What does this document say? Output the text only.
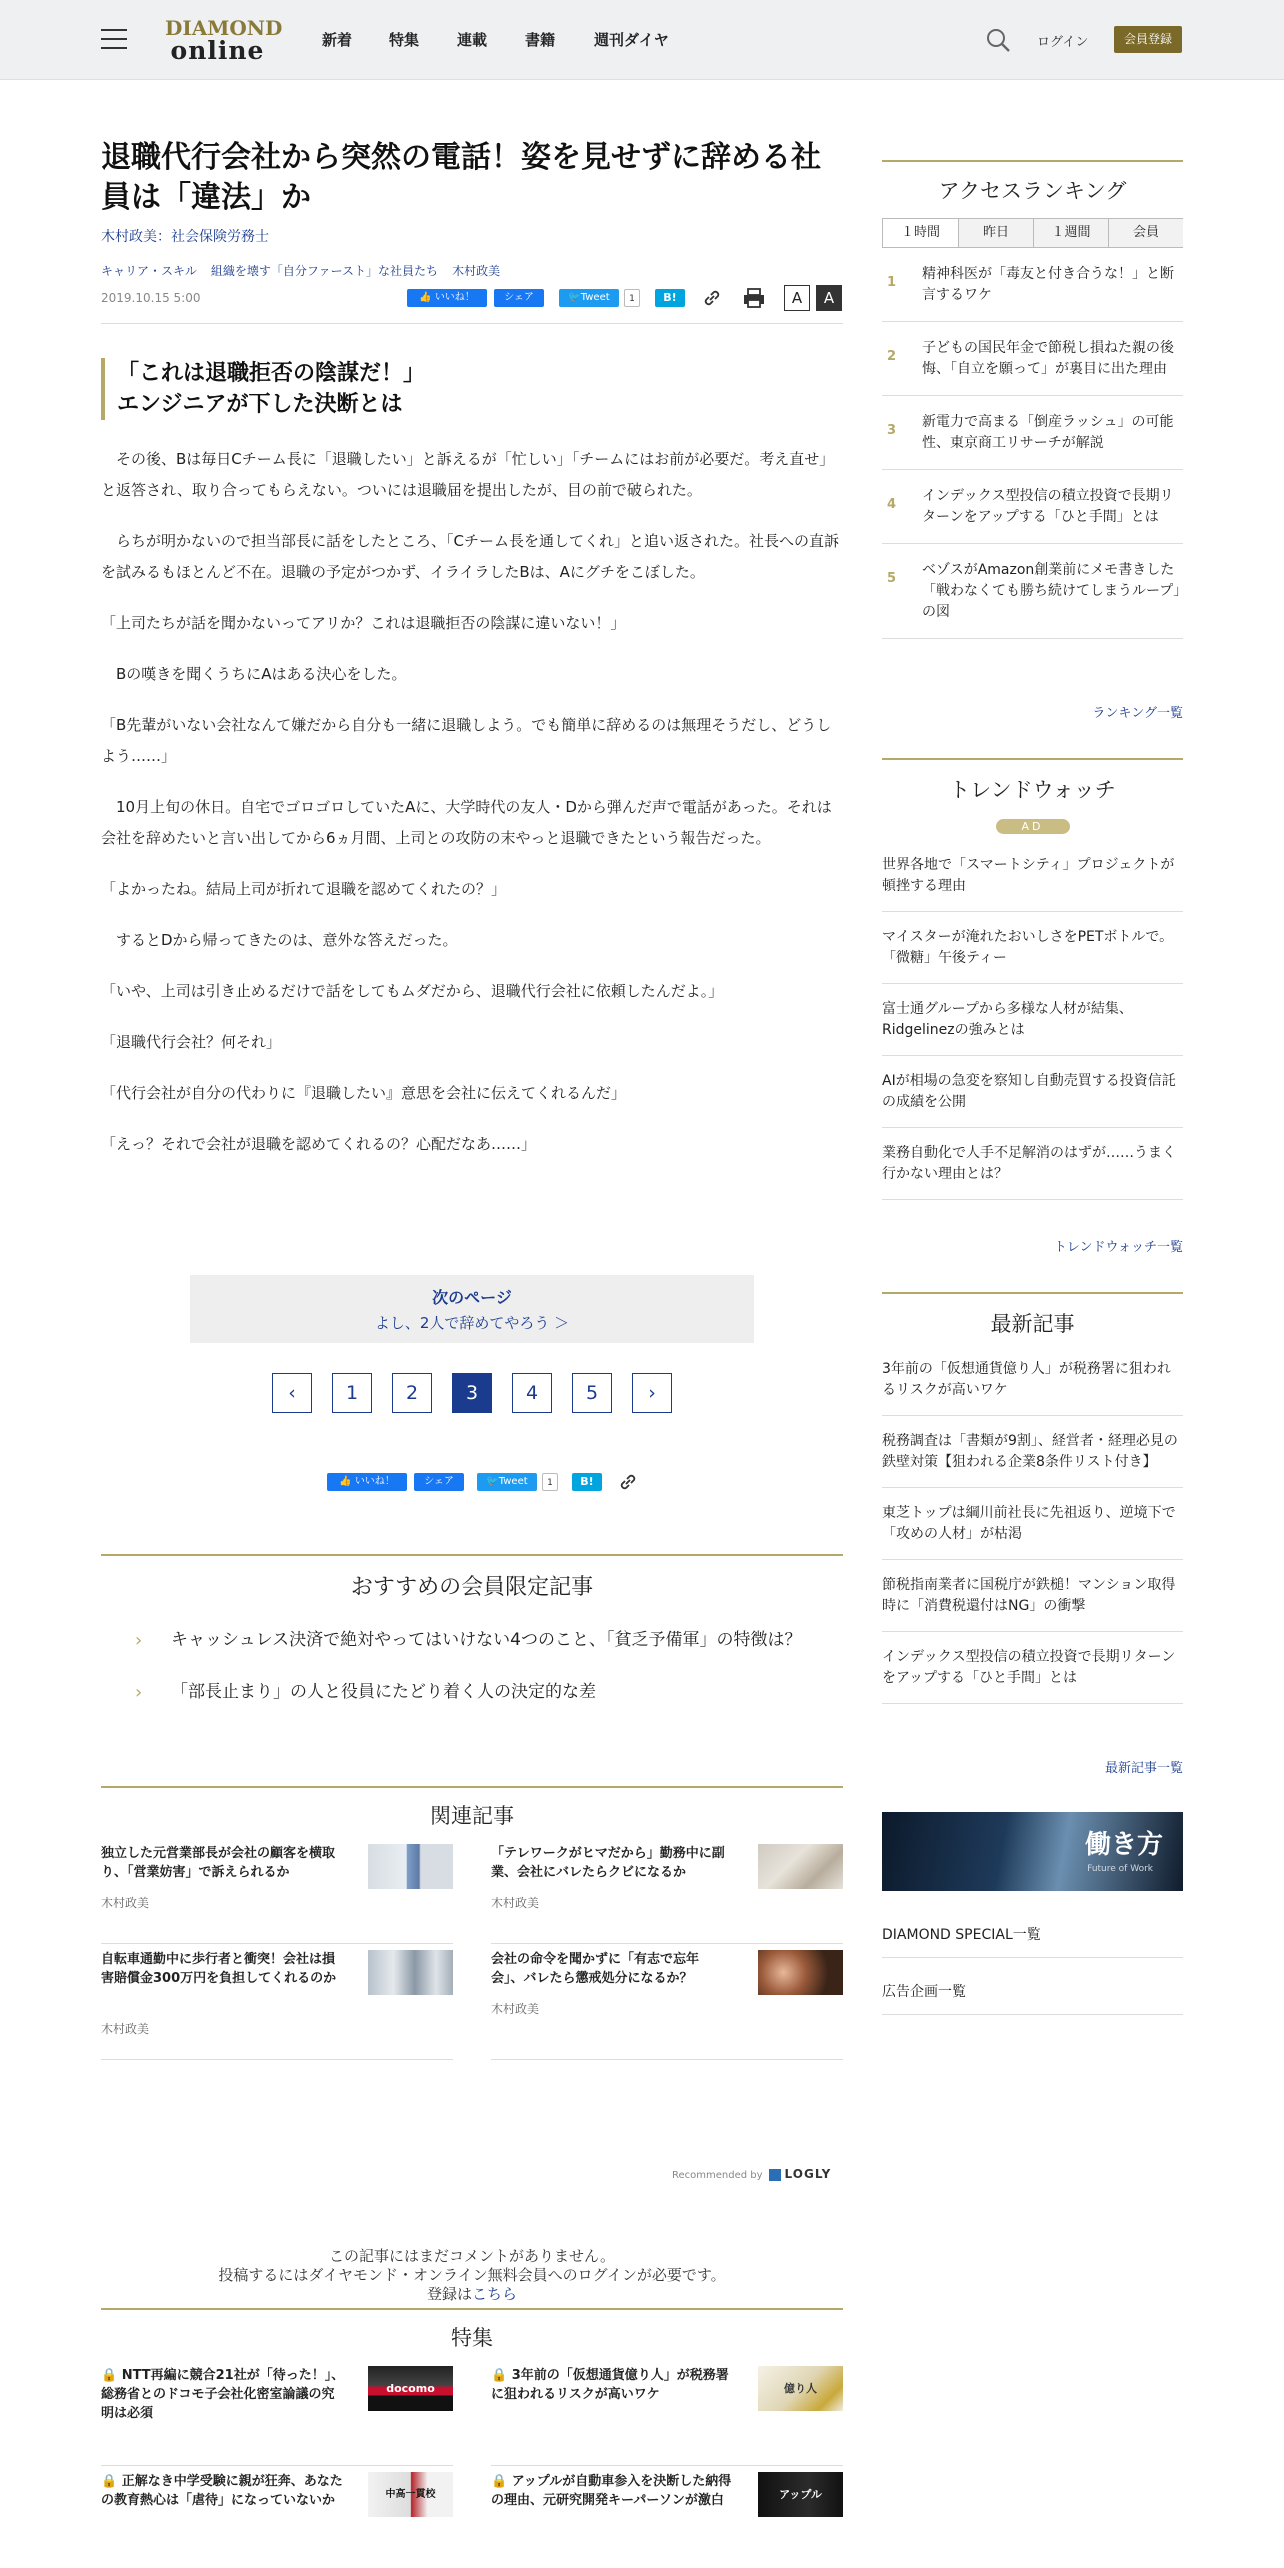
DIAMOND
online	新着 特集	連載	書籍	週刊ダイヤ	ログイン	会員登録
退職代行会社から突然の電話！姿を見せずに辞める社員は「違法」か
木村政美：社会保険労務士
キャリア・スキル 組織を壊す「自分ファースト」な社員たち 木村政美
2019.10.15 5:00	👍 いいね！	シェア	🐦Tweet	1	B!	A	A
「これは退職拒否の陰謀だ！」
エンジニアが下した決断とは

　その後、Bは毎日Cチーム長に「退職したい」と訴えるが「忙しい」「チームにはお前が必要だ。考え直せ」と返答され、取り合ってもらえない。ついには退職届を提出したが、目の前で破られた。

　らちが明かないので担当部長に話をしたところ、「Cチーム長を通してくれ」と追い返された。社長への直訴を試みるもほとんど不在。退職の予定がつかず、イライラしたBは、Aにグチをこぼした。

「上司たちが話を聞かないってアリか？これは退職拒否の陰謀に違いない！」

　Bの嘆きを聞くうちにAはある決心をした。

「B先輩がいない会社なんて嫌だから自分も一緒に退職しよう。でも簡単に辞めるのは無理そうだし、どうしよう……」

　10月上旬の休日。自宅でゴロゴロしていたAに、大学時代の友人・Dから弾んだ声で電話があった。それは会社を辞めたいと言い出してから6ヵ月間、上司との攻防の末やっと退職できたという報告だった。

「よかったね。結局上司が折れて退職を認めてくれたの？」

　するとDから帰ってきたのは、意外な答えだった。

「いや、上司は引き止めるだけで話をしてもムダだから、退職代行会社に依頼したんだよ。」

「退職代行会社？何それ」

「代行会社が自分の代わりに『退職したい』意思を会社に伝えてくれるんだ」

「えっ？それで会社が退職を認めてくれるの？心配だなあ……」

次のページ
よし、2人で辞めてやろう ＞
‹	1	2	3	4	5	›
👍 いいね！	シェア	🐦Tweet	1	B!
おすすめの会員限定記事
› キャッシュレス決済で絶対やってはいけない4つのこと、「貧乏予備軍」の特徴は？
› 「部長止まり」の人と役員にたどり着く人の決定的な差
関連記事
独立した元営業部長が会社の顧客を横取り、「営業妨害」で訴えられるか
木村政美
「テレワークがヒマだから」勤務中に副業、会社にバレたらクビになるか
木村政美
自転車通勤中に歩行者と衝突！会社は損害賠償金300万円を負担してくれるのか
木村政美
会社の命令を聞かずに「有志で忘年会」、バレたら懲戒処分になるか？
木村政美
Recommended by LOGLY
この記事にはまだコメントがありません。
投稿するにはダイヤモンド・オンライン無料会員へのログインが必要です。
登録はこちら
特集
🔒 NTT再編に競合21社が「待った！」、総務省とのドコモ子会社化密室論議の究明は必須
docomo
🔒 3年前の「仮想通貨億り人」が税務署に狙われるリスクが高いワケ	億り人
🔒 正解なき中学受験に親が狂奔、あなたの教育熱心は「虐待」になっていないか	中高一貫校
🔒 アップルが自動車参入を決断した納得の理由、元研究開発キーパーソンが激白	アップル
アクセスランキング
１時間	昨日	１週間	会員
1
精神科医が「毒友と付き合うな！」と断言するワケ
2
子どもの国民年金で節税し損ねた親の後悔、「自立を願って」が裏目に出た理由
3
新電力で高まる「倒産ラッシュ」の可能性、東京商工リサーチが解説
4
インデックス型投信の積立投資で長期リターンをアップする「ひと手間」とは
5
ベゾスがAmazon創業前にメモ書きした「戦わなくても勝ち続けてしまうループ」の図
ランキング一覧
トレンドウォッチ
AD
世界各地で「スマートシティ」プロジェクトが頓挫する理由
マイスターが淹れたおいしさをPETボトルで。「微糖」午後ティー
富士通グループから多様な人材が結集、Ridgelinezの強みとは
AIが相場の急変を察知し自動売買する投資信託の成績を公開
業務自動化で人手不足解消のはずが……うまく行かない理由とは？
トレンドウォッチ一覧
最新記事
3年前の「仮想通貨億り人」が税務署に狙われるリスクが高いワケ
税務調査は「書類が9割」、経営者・経理必見の鉄壁対策【狙われる企業8条件リスト付き】
東芝トップは綱川前社長に先祖返り、逆境下で「攻めの人材」が枯渇
節税指南業者に国税庁が鉄槌！マンション取得時に「消費税還付はNG」の衝撃
インデックス型投信の積立投資で長期リターンをアップする「ひと手間」とは
最新記事一覧
働き方
Future of Work
DIAMOND SPECIAL一覧
広告企画一覧
